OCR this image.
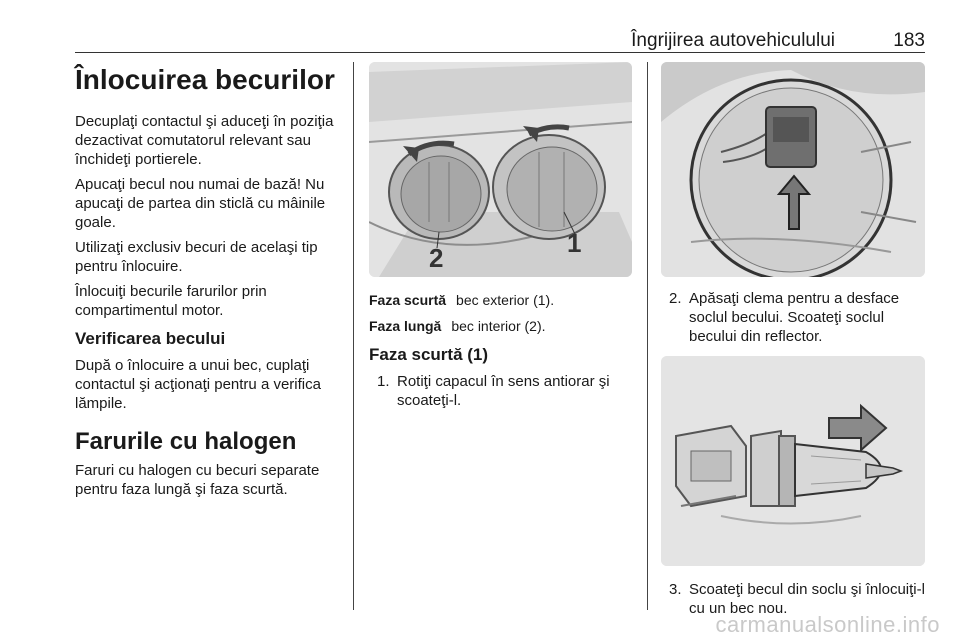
Îngrijirea autovehiculului	183
Înlocuirea becurilor

Decuplaţi contactul şi aduceţi în poziţia dezactivat comutatorul relevant sau închideţi portierele.

Apucaţi becul nou numai de bază! Nu apucaţi de partea din sticlă cu mâinile goale.

Utilizaţi exclusiv becuri de acelaşi tip pentru înlocuire.

Înlocuiţi becurile farurilor prin compartimentul motor.

Verificarea becului

După o înlocuire a unui bec, cuplaţi contactul şi acţionaţi pentru a verifica lămpile.

Farurile cu halogen

Faruri cu halogen cu becuri separate pentru faza lungă şi faza scurtă.

2	1

Faza scurtă bec exterior (1).

Faza lungă bec interior (2).

Faza scurtă (1)
1. Rotiţi capacul în sens antiorar şi scoateţi-l.
2. Apăsaţi clema pentru a desface soclul becului. Scoateţi soclul becului din reflector.
3. Scoateţi becul din soclu şi înlocuiţi-l cu un bec nou.
carmanualsonline.info
